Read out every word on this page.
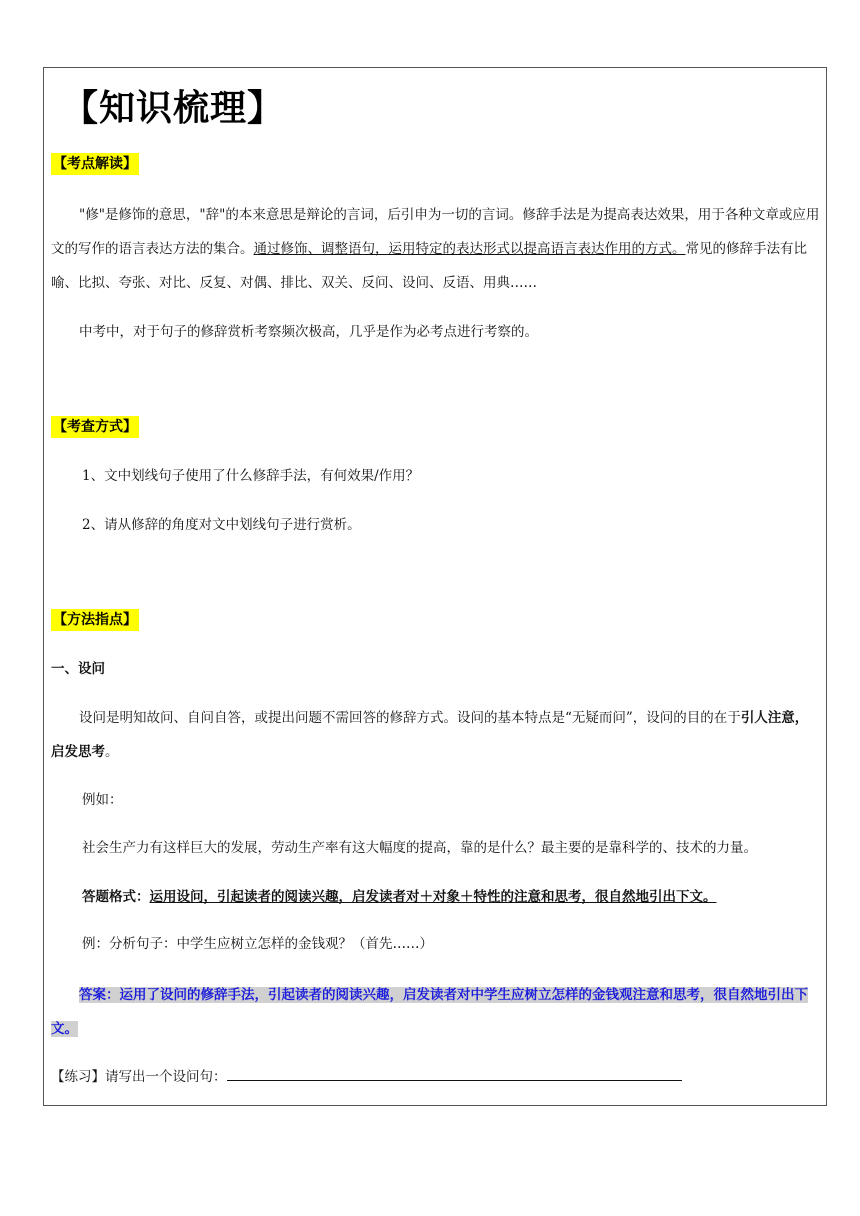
【知识梳理】
【考点解读】

"修"是修饰的意思，"辞"的本来意思是辩论的言词，后引申为一切的言词。修辞手法是为提高表达效果，用于各种文章或应用文的写作的语言表达方法的集合。通过修饰、调整语句，运用特定的表达形式以提高语言表达作用的方式。常见的修辞手法有比喻、比拟、夸张、对比、反复、对偶、排比、双关、反问、设问、反语、用典……

中考中，对于句子的修辞赏析考察频次极高，几乎是作为必考点进行考察的。

【考查方式】
1、文中划线句子使用了什么修辞手法，有何效果/作用？
2、请从修辞的角度对文中划线句子进行赏析。
【方法指点】
一、设问

设问是明知故问、自问自答，或提出问题不需回答的修辞方式。设问的基本特点是“无疑而问”，设问的目的在于引人注意，启发思考。

例如：
社会生产力有这样巨大的发展，劳动生产率有这大幅度的提高，靠的是什么？最主要的是靠科学的、技术的力量。
答题格式：运用设问，引起读者的阅读兴趣，启发读者对＋对象＋特性的注意和思考，很自然地引出下文。
例：分析句子：中学生应树立怎样的金钱观？（首先……）

答案：运用了设问的修辞手法，引起读者的阅读兴趣，启发读者对中学生应树立怎样的金钱观注意和思考，很自然地引出下文。

【练习】请写出一个设问句：
